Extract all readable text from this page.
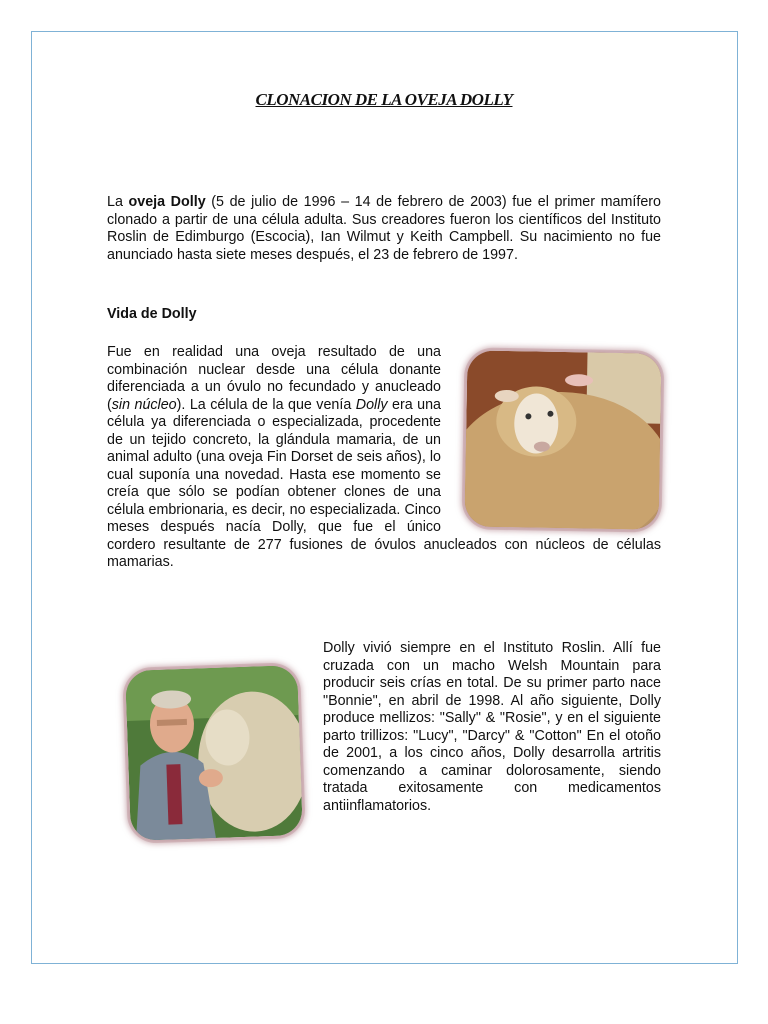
CLONACION DE LA OVEJA DOLLY

La oveja Dolly (5 de julio de 1996 – 14 de febrero de 2003) fue el primer mamífero clonado a partir de una célula adulta. Sus creadores fueron los científicos del Instituto Roslin de Edimburgo (Escocia), Ian Wilmut y Keith Campbell. Su nacimiento no fue anunciado hasta siete meses después, el 23 de febrero de 1997.

Vida de Dolly

Fue en realidad una oveja resultado de una combinación nuclear desde una célula donante diferenciada a un óvulo no fecundado y anucleado (sin núcleo). La célula de la que venía Dolly era una célula ya diferenciada o especializada, procedente de un tejido concreto, la glándula mamaria, de un animal adulto (una oveja Fin Dorset de seis años), lo cual suponía una novedad. Hasta ese momento se creía que sólo se podían obtener clones de una célula embrionaria, es decir, no especializada. Cinco meses después nacía Dolly, que fue el único cordero resultante de 277 fusiones de óvulos anucleados con núcleos de células mamarias.

Dolly vivió siempre en el Instituto Roslin. Allí fue cruzada con un macho Welsh Mountain para producir seis crías en total. De su primer parto nace "Bonnie", en abril de 1998. Al año siguiente, Dolly produce mellizos: "Sally" & "Rosie", y en el siguiente parto trillizos: "Lucy", "Darcy" & "Cotton" En el otoño de 2001, a los cinco años, Dolly desarrolla artritis comenzando a caminar dolorosamente, siendo tratada exitosamente con medicamentos antiinflamatorios.
